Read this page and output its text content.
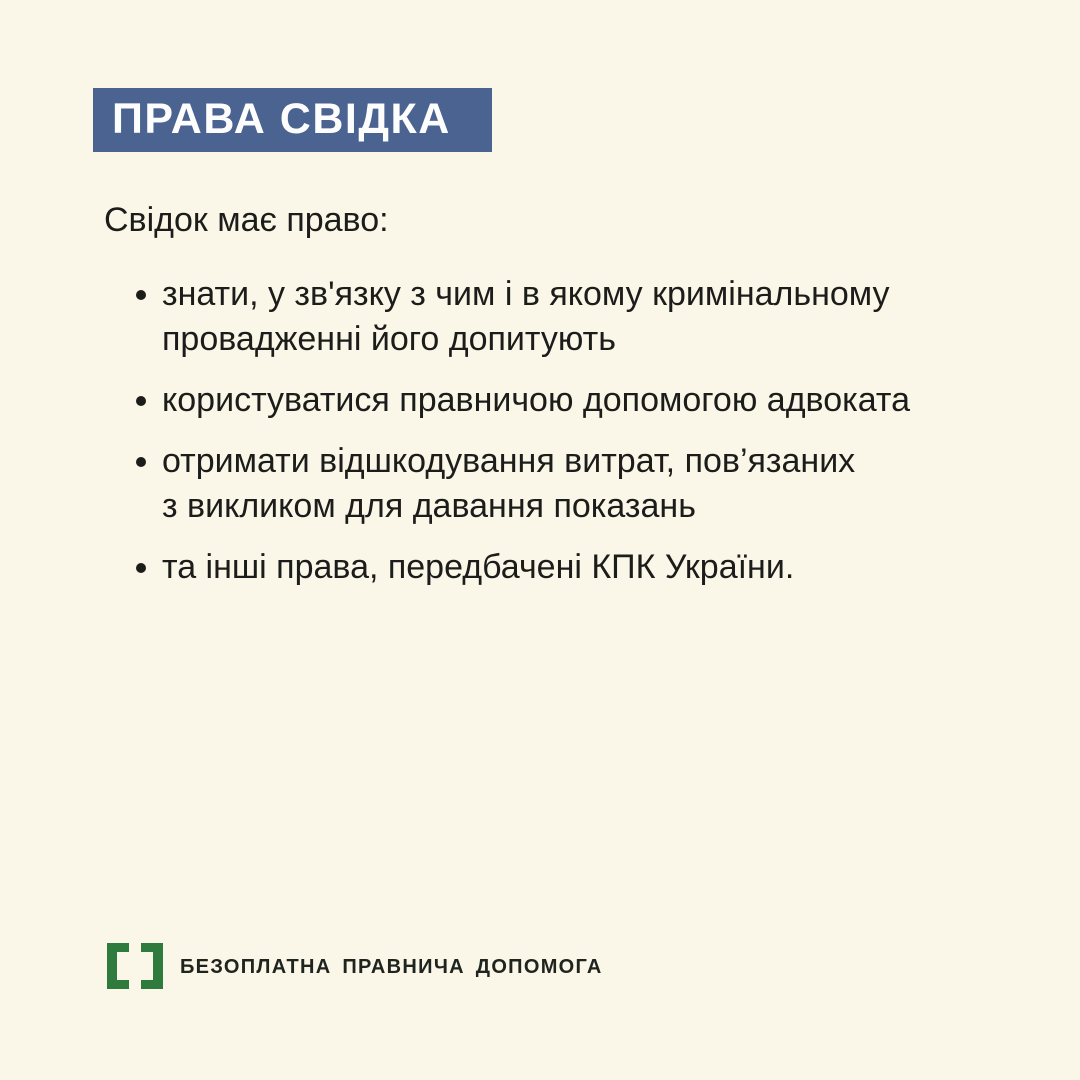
ПРАВА СВІДКА
Свідок має право:
знати, у зв'язку з чим і в якому кримінальному
провадженні його допитують
користуватися правничою допомогою адвоката
отримати відшкодування витрат, пов’язаних
з викликом для давання показань
та інші права, передбачені КПК України.
БЕЗОПЛАТНА ПРАВНИЧА ДОПОМОГА
